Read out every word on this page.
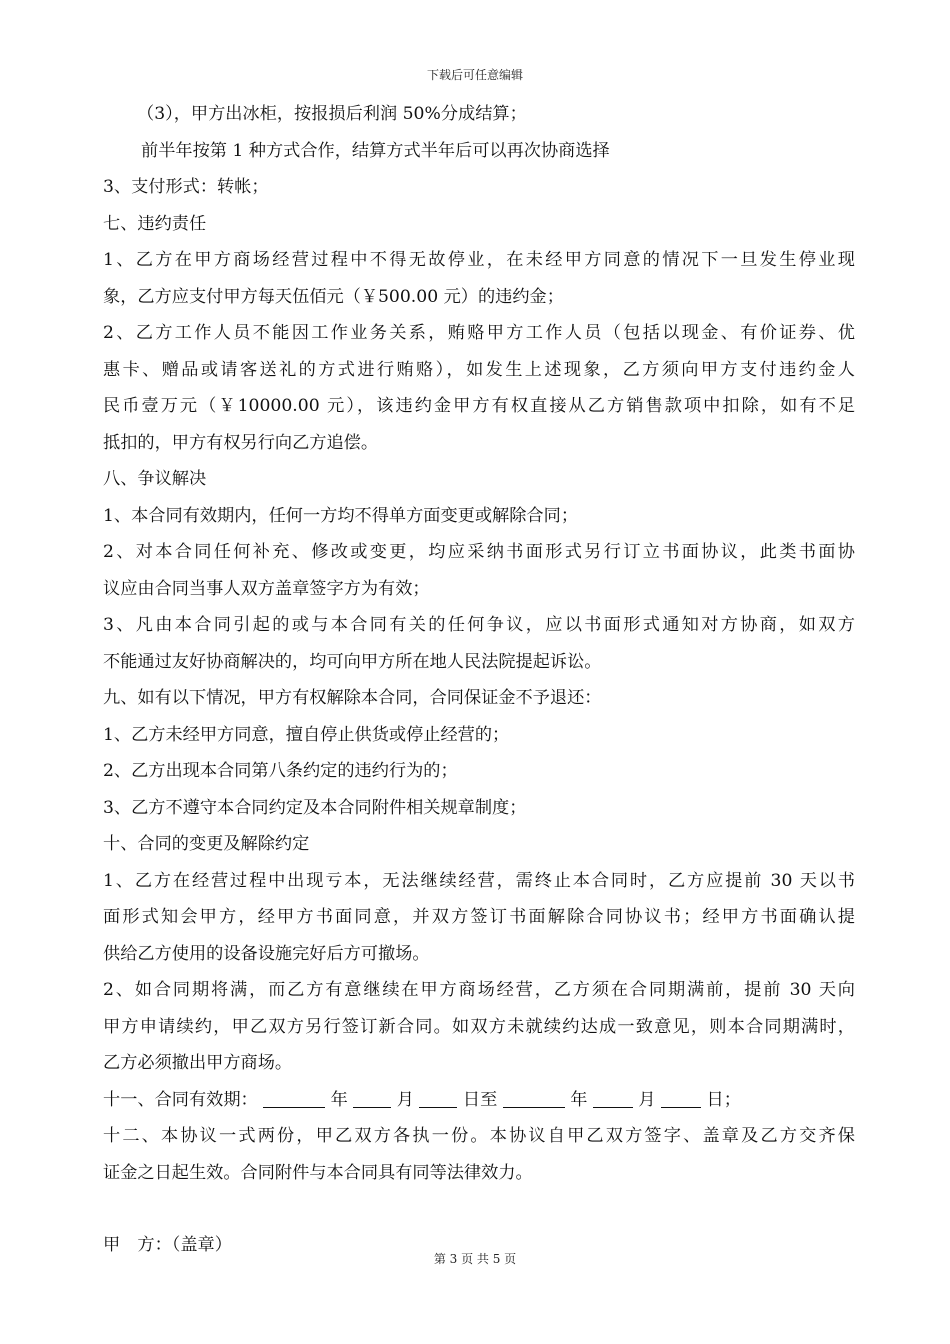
下载后可任意编辑
（3），甲方出冰柜，按报损后利润 50%分成结算；
前半年按第 1 种方式合作，结算方式半年后可以再次协商选择
3、支付形式：转帐；
七、违约责任
1、乙方在甲方商场经营过程中不得无故停业，在未经甲方同意的情况下一旦发生停业现
象，乙方应支付甲方每天伍佰元（￥500.00 元）的违约金；
2、乙方工作人员不能因工作业务关系，贿赂甲方工作人员（包括以现金、有价证券、优
惠卡、赠品或请客送礼的方式进行贿赂），如发生上述现象，乙方须向甲方支付违约金人
民币壹万元（￥10000.00 元），该违约金甲方有权直接从乙方销售款项中扣除，如有不足
抵扣的，甲方有权另行向乙方追偿。
八、争议解决
1、本合同有效期内，任何一方均不得单方面变更或解除合同；
2、对本合同任何补充、修改或变更，均应采纳书面形式另行订立书面协议，此类书面协
议应由合同当事人双方盖章签字方为有效；
3、凡由本合同引起的或与本合同有关的任何争议，应以书面形式通知对方协商，如双方
不能通过友好协商解决的，均可向甲方所在地人民法院提起诉讼。
九、如有以下情况，甲方有权解除本合同，合同保证金不予退还：
1、乙方未经甲方同意，擅自停止供货或停止经营的；
2、乙方出现本合同第八条约定的违约行为的；
3、乙方不遵守本合同约定及本合同附件相关规章制度；
十、合同的变更及解除约定
1、乙方在经营过程中出现亏本，无法继续经营，需终止本合同时，乙方应提前 30 天以书
面形式知会甲方，经甲方书面同意，并双方签订书面解除合同协议书；经甲方书面确认提
供给乙方使用的设备设施完好后方可撤场。
2、如合同期将满，而乙方有意继续在甲方商场经营，乙方须在合同期满前，提前 30 天向
甲方申请续约，甲乙双方另行签订新合同。如双方未就续约达成一致意见，则本合同期满时，
乙方必须撤出甲方商场。
十一、合同有效期：	年	月	日至	年	月	日；
十二、本协议一式两份，甲乙双方各执一份。本协议自甲乙双方签字、盖章及乙方交齐保
证金之日起生效。合同附件与本合同具有同等法律效力。
甲　方：（盖章）
第 3 页 共 5 页
